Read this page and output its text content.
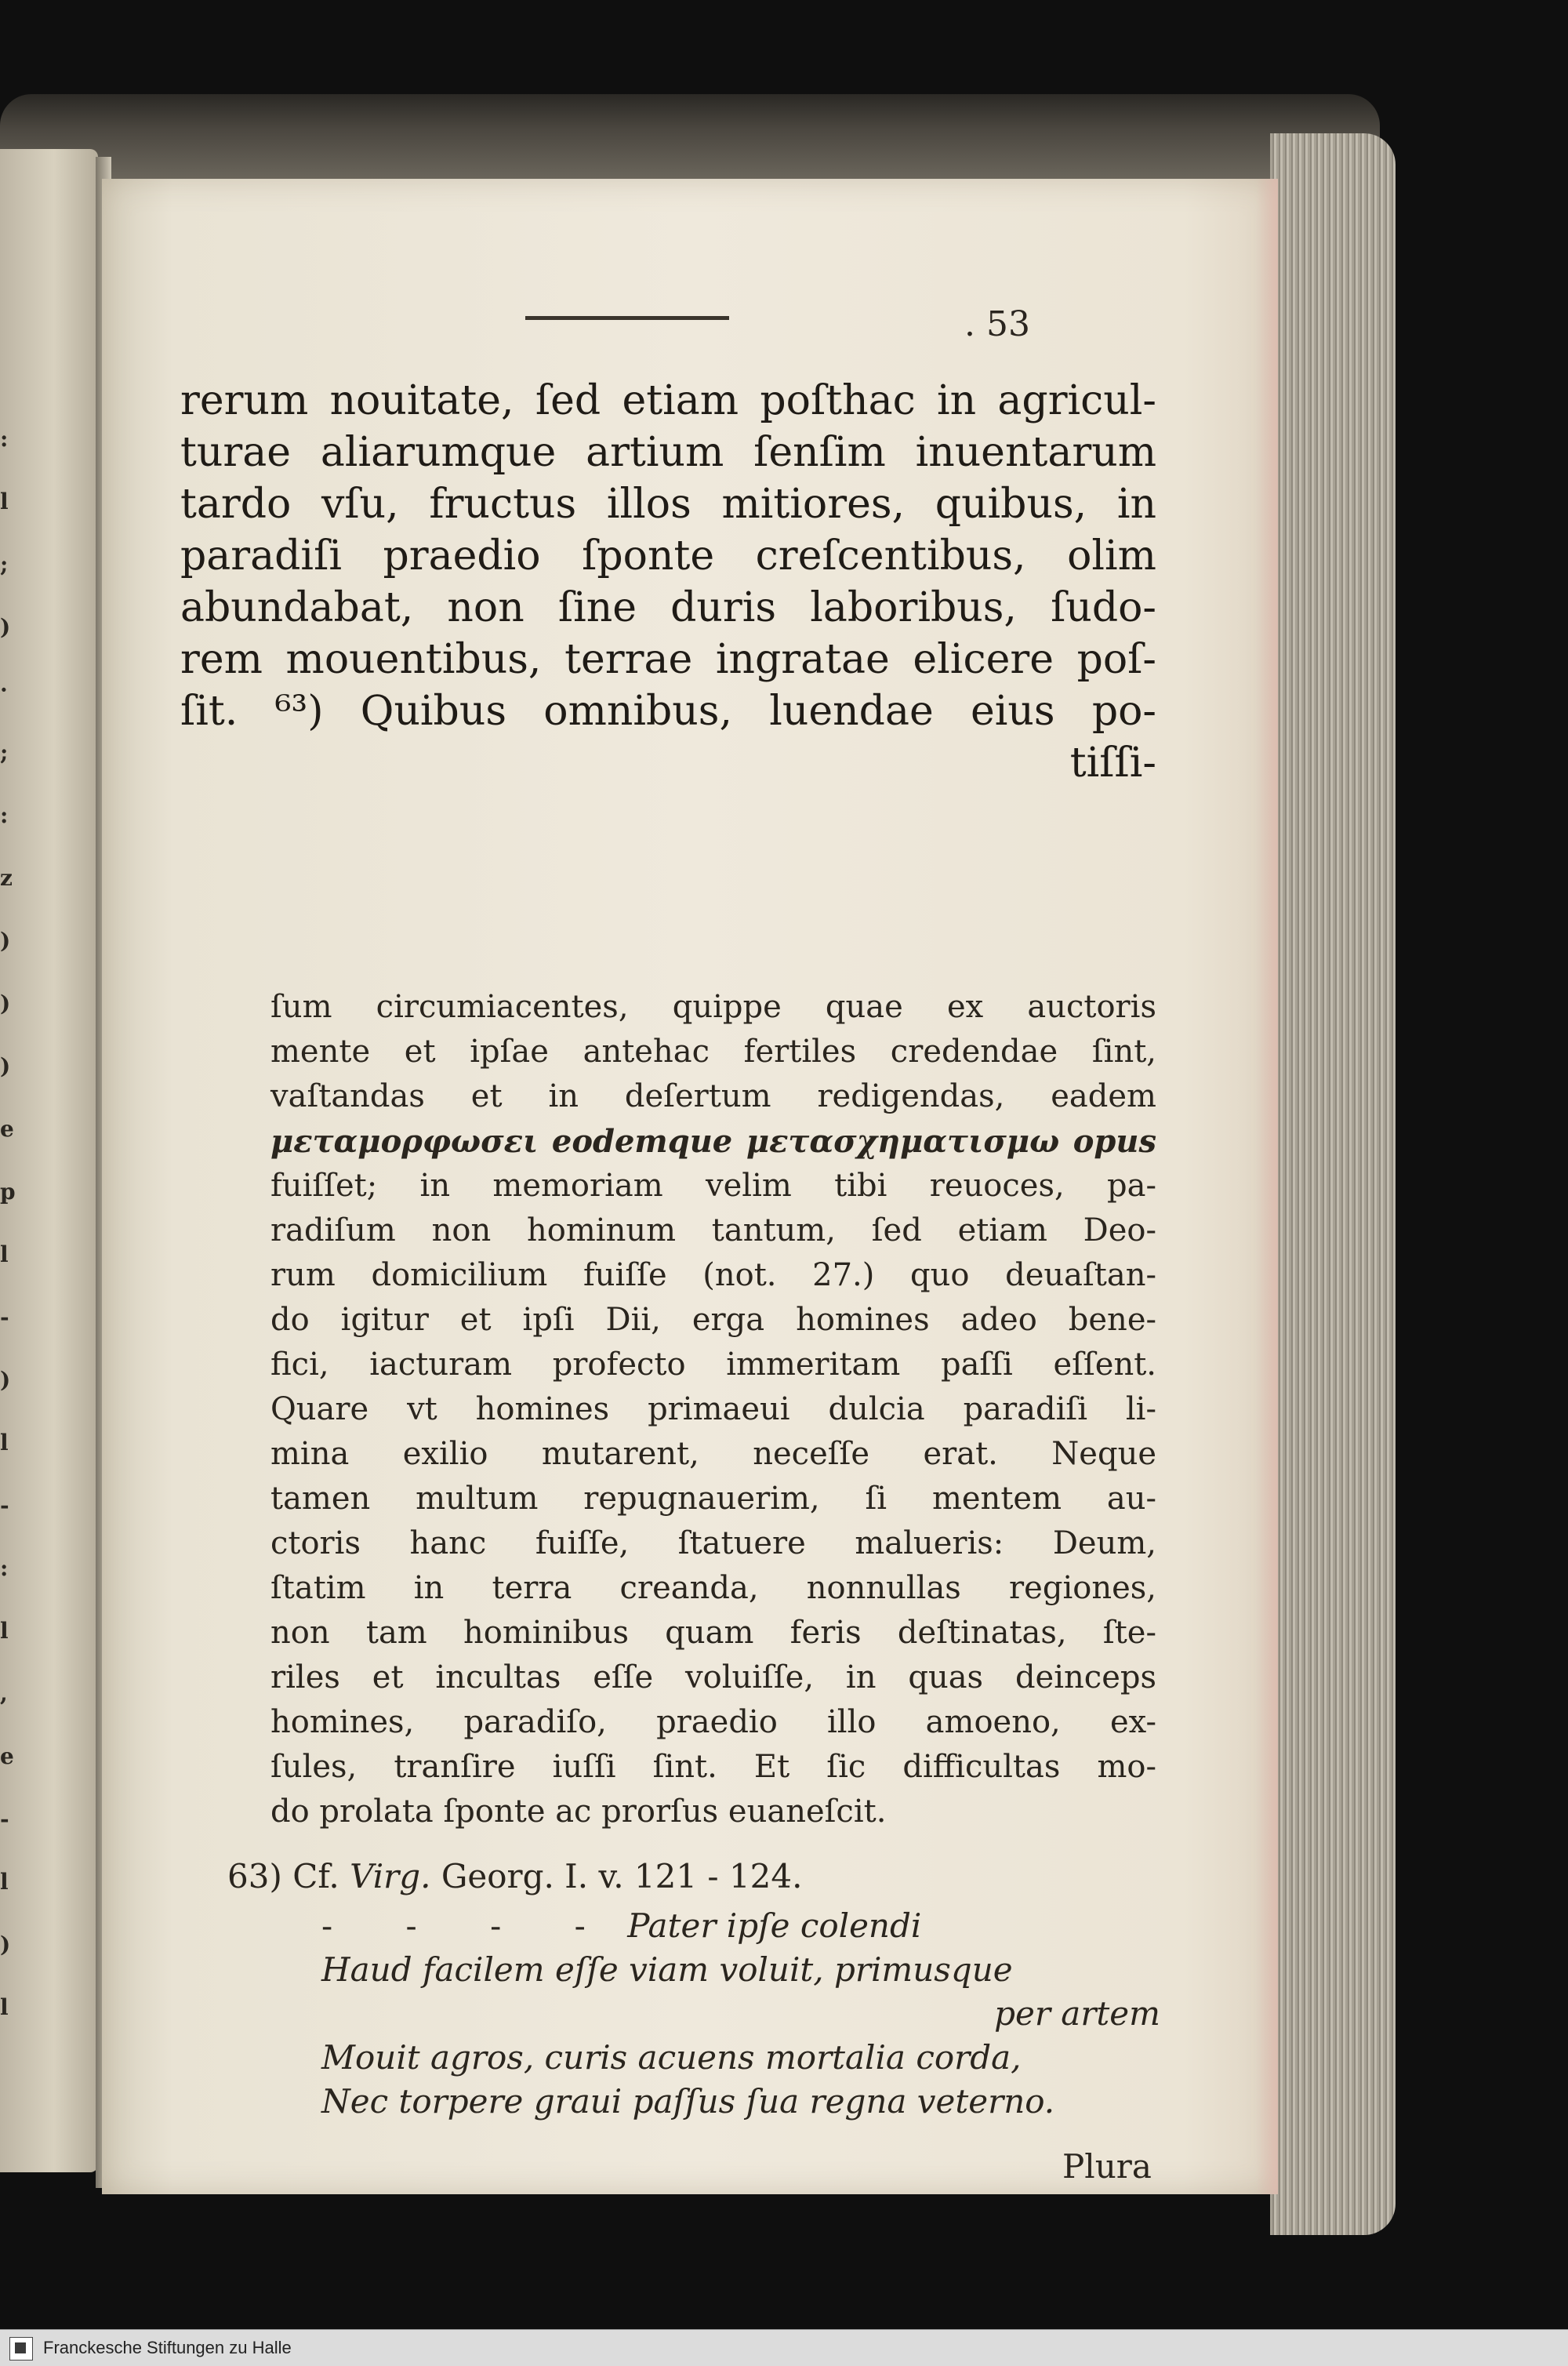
:
l
;
)
·
;
:
z
)
)
)
e
p
l
-
)
l
-
:
l
,
e
-
l
)
l
. 53
rerum nouitate, ſed etiam poſthac in agricul-
turae aliarumque artium ſenſim inuentarum
tardo vſu, fructus illos mitiores, quibus, in
paradiſi praedio ſponte creſcentibus, olim
abundabat, non ſine duris laboribus, ſudo-
rem mouentibus, terrae ingratae elicere poſ-
ſit. ⁶³) Quibus omnibus, luendae eius po-
tiſſi-
ſum circumiacentes, quippe quae ex auctoris
mente et ipſae antehac fertiles credendae ſint,
vaſtandas et in deſertum redigendas, eadem
μεταμορφωσει eodemque μετασχηματισμω opus
fuiſſet; in memoriam velim tibi reuoces, pa-
radiſum non hominum tantum, ſed etiam Deo-
rum domicilium fuiſſe (not. 27.) quo deuaſtan-
do igitur et ipſi Dii, erga homines adeo bene-
fici, iacturam profecto immeritam paſſi eſſent.
Quare vt homines primaeui dulcia paradiſi li-
mina exilio mutarent, neceſſe erat. Neque
tamen multum repugnauerim, ſi mentem au-
ctoris hanc fuiſſe, ſtatuere malueris: Deum,
ſtatim in terra creanda, nonnullas regiones,
non tam hominibus quam feris deſtinatas, ſte-
riles et incultas eſſe voluiſſe, in quas deinceps
homines, paradiſo, praedio illo amoeno, ex-
ſules, tranſire iuſſi ſint. Et ſic difficultas mo-
do prolata ſponte ac prorſus euaneſcit.
63) Cf. Virg. Georg. I. v. 121 - 124.
- - - - Pater ipſe colendi
Haud facilem eſſe viam voluit, primusque
per artem
Mouit agros, curis acuens mortalia corda,
Nec torpere graui paſſus ſua regna veterno.
Plura
Franckesche Stiftungen zu Halle
